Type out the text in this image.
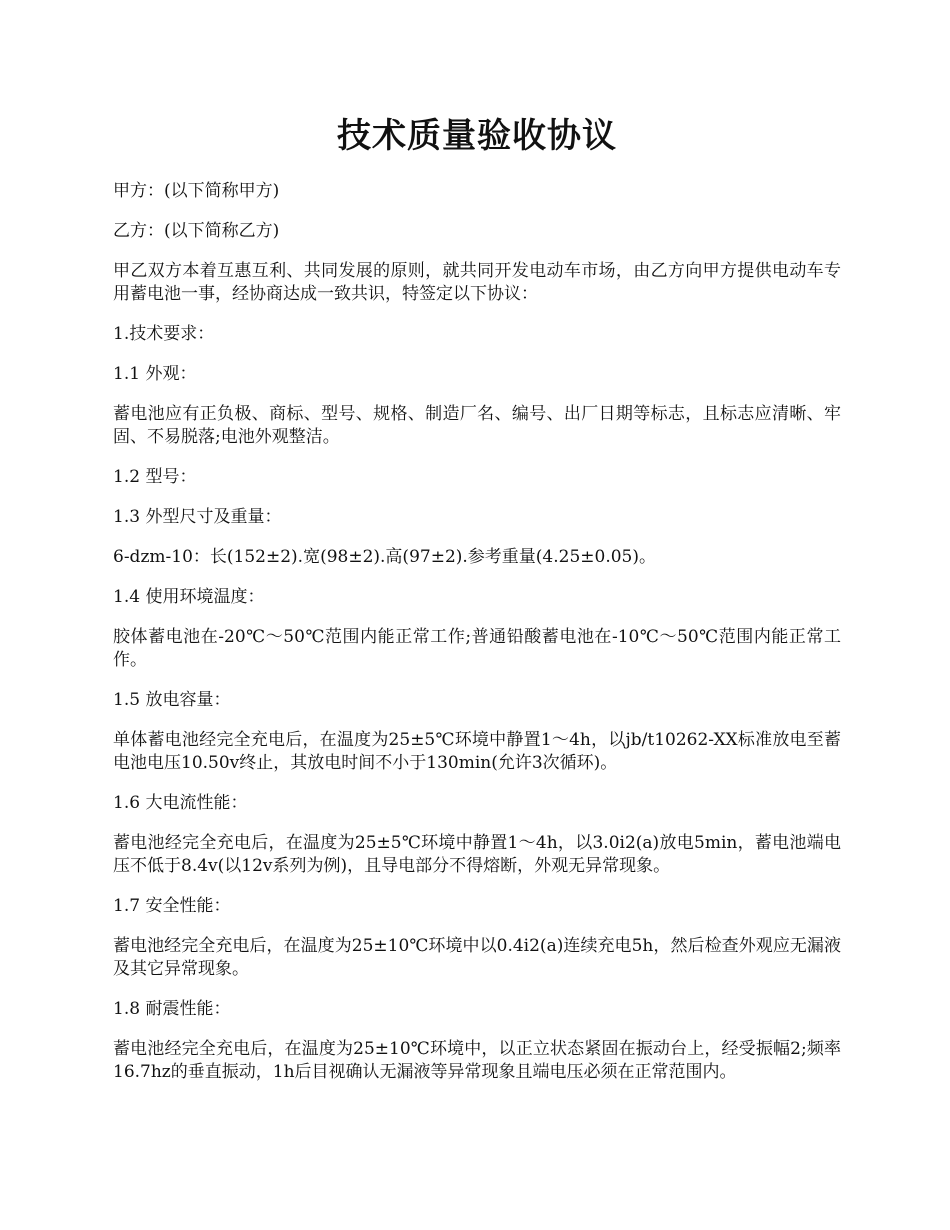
技术质量验收协议

甲方：(以下简称甲方)

乙方：(以下简称乙方)

甲乙双方本着互惠互利、共同发展的原则，就共同开发电动车市场，由乙方向甲方提供电动车专用蓄电池一事，经协商达成一致共识，特签定以下协议：

1.技术要求：

1.1 外观：

蓄电池应有正负极、商标、型号、规格、制造厂名、编号、出厂日期等标志，且标志应清晰、牢固、不易脱落;电池外观整洁。

1.2 型号：

1.3 外型尺寸及重量：

6-dzm-10：长(152±2).宽(98±2).高(97±2).参考重量(4.25±0.05)。

1.4 使用环境温度：

胶体蓄电池在-20℃～50℃范围内能正常工作;普通铅酸蓄电池在-10℃～50℃范围内能正常工作。

1.5 放电容量：

单体蓄电池经完全充电后，在温度为25±5℃环境中静置1～4h，以jb/t10262-XX标准放电至蓄电池电压10.50v终止，其放电时间不小于130min(允许3次循环)。

1.6 大电流性能：

蓄电池经完全充电后，在温度为25±5℃环境中静置1～4h，以3.0i2(a)放电5min，蓄电池端电压不低于8.4v(以12v系列为例)，且导电部分不得熔断，外观无异常现象。

1.7 安全性能：

蓄电池经完全充电后，在温度为25±10℃环境中以0.4i2(a)连续充电5h，然后检查外观应无漏液及其它异常现象。

1.8 耐震性能：

蓄电池经完全充电后，在温度为25±10℃环境中，以正立状态紧固在振动台上，经受振幅2;频率16.7hz的垂直振动，1h后目视确认无漏液等异常现象且端电压必须在正常范围内。
